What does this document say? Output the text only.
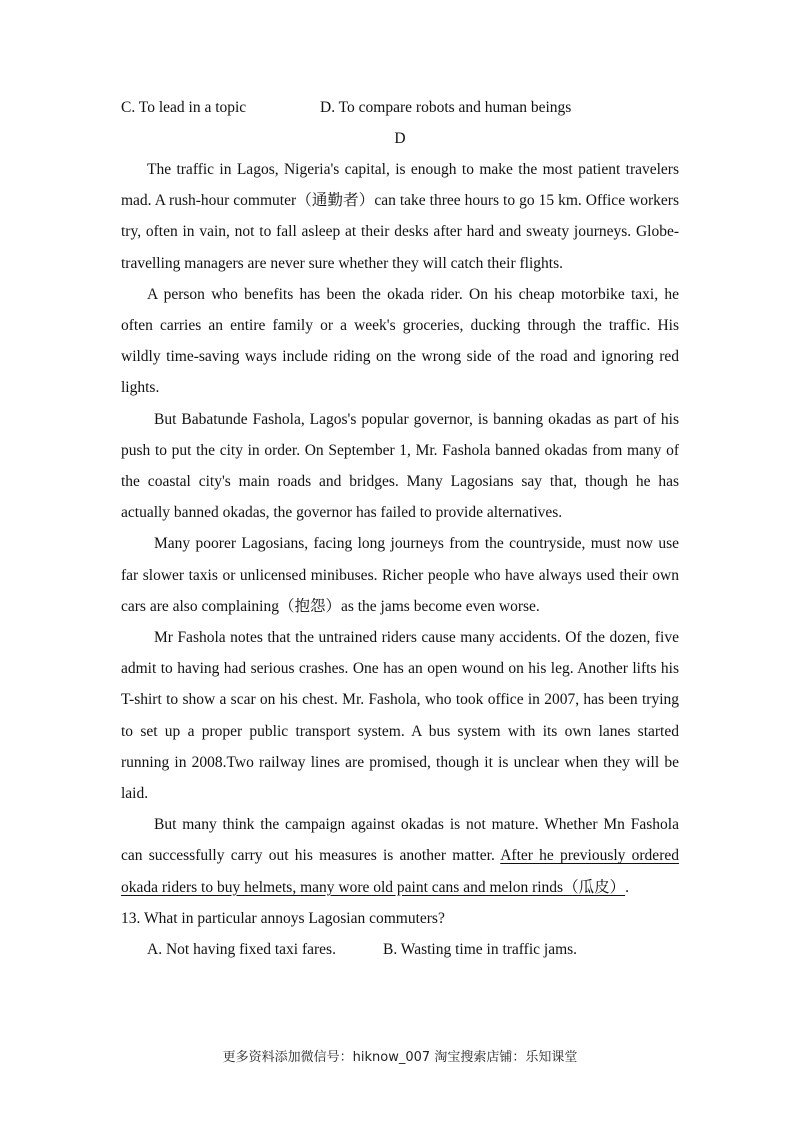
C. To lead in a topic	D. To compare robots and human beings
D

The traffic in Lagos, Nigeria's capital, is enough to make the most patient travelers mad. A rush-hour commuter（通勤者）can take three hours to go 15 km. Office workers try, often in vain, not to fall asleep at their desks after hard and sweaty journeys. Globe-travelling managers are never sure whether they will catch their flights.

A person who benefits has been the okada rider. On his cheap motorbike taxi, he often carries an entire family or a week's groceries, ducking through the traffic. His wildly time-saving ways include riding on the wrong side of the road and ignoring red lights.

But Babatunde Fashola, Lagos's popular governor, is banning okadas as part of his push to put the city in order. On September 1, Mr. Fashola banned okadas from many of the coastal city's main roads and bridges. Many Lagosians say that, though he has actually banned okadas, the governor has failed to provide alternatives.

Many poorer Lagosians, facing long journeys from the countryside, must now use far slower taxis or unlicensed minibuses. Richer people who have always used their own cars are also complaining（抱怨）as the jams become even worse.

Mr Fashola notes that the untrained riders cause many accidents. Of the dozen, five admit to having had serious crashes. One has an open wound on his leg. Another lifts his T-shirt to show a scar on his chest. Mr. Fashola, who took office in 2007, has been trying to set up a proper public transport system. A bus system with its own lanes started running in 2008.Two railway lines are promised, though it is unclear when they will be laid.

But many think the campaign against okadas is not mature. Whether Mn Fashola can successfully carry out his measures is another matter. After he previously ordered okada riders to buy helmets, many wore old paint cans and melon rinds（瓜皮）.

13. What in particular annoys Lagosian commuters?

A. Not having fixed taxi fares.	B. Wasting time in traffic jams.

更多资料添加微信号：hiknow_007 淘宝搜索店铺：乐知课堂
